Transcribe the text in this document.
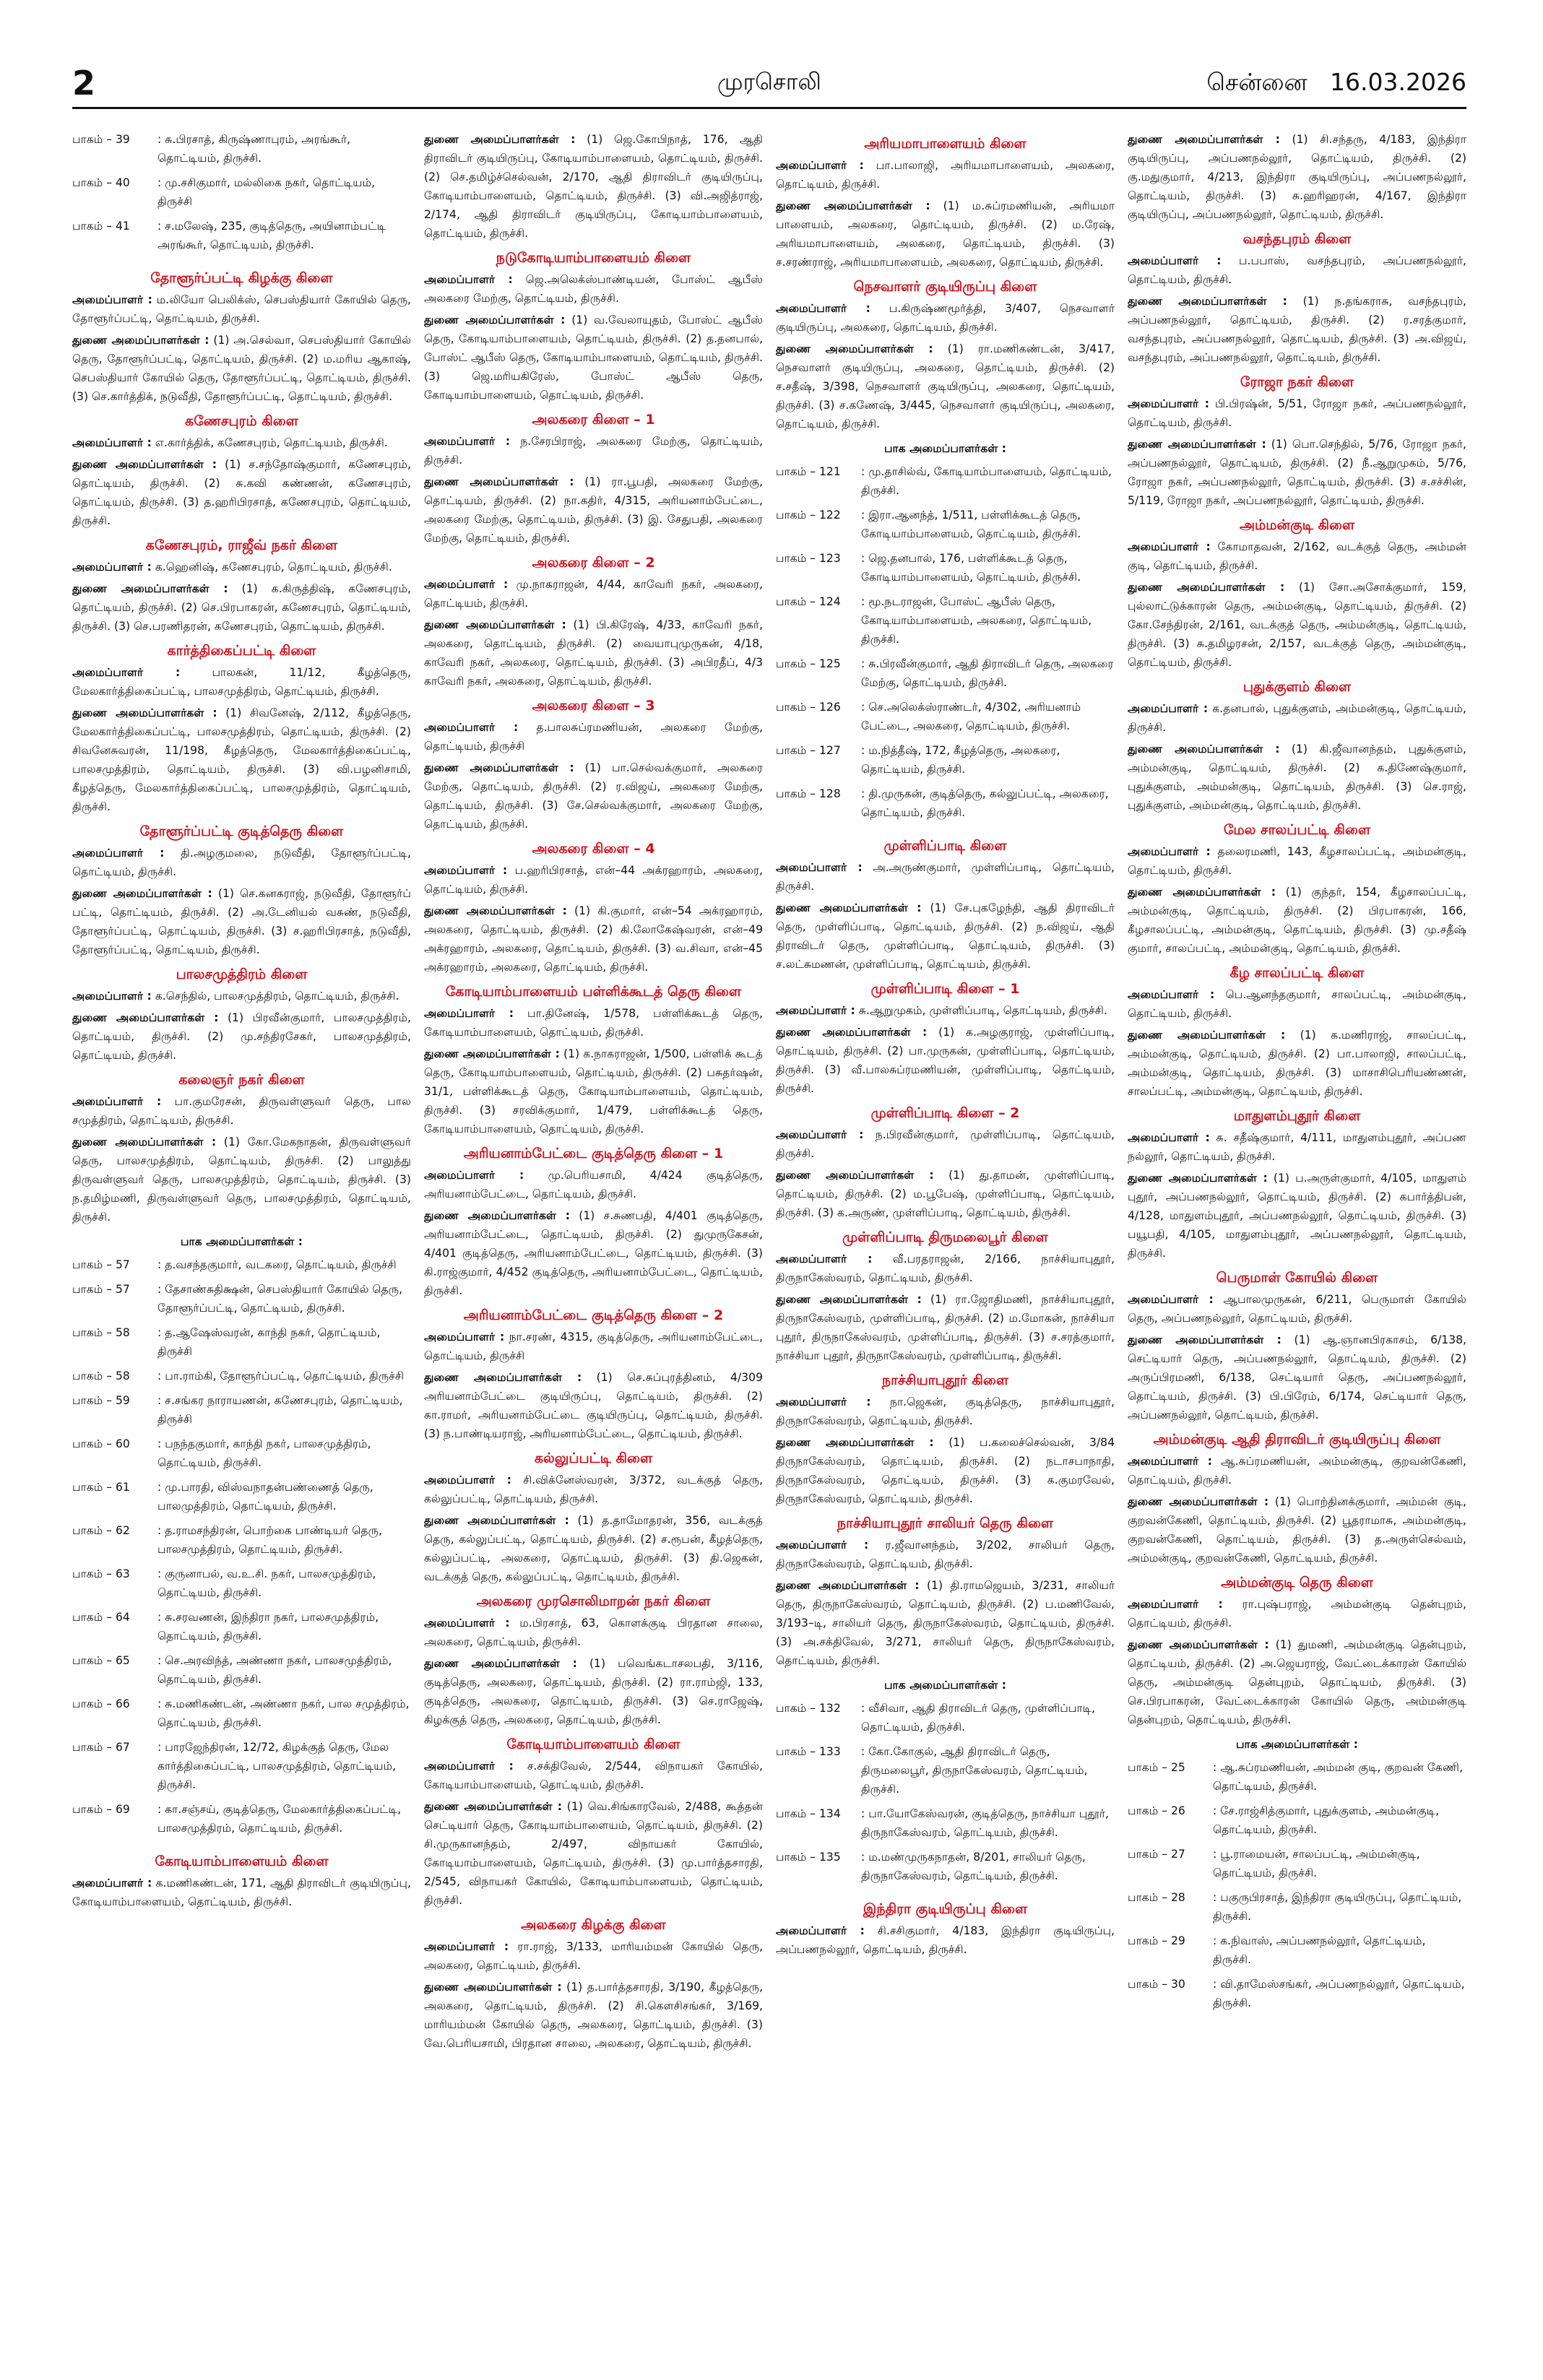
2	முரசொலி	சென்னை 16.03.2026
பாகம் – 39	: சு.பிரசாத், கிருஷ்ணாபுரம், அரங்கூர், தொட்டியம், திருச்சி.
பாகம் – 40	: மு.சசிகுமார், மல்லிகை நகர், தொட்டியம், திருச்சி
பாகம் – 41	: ச.மலேஷ், 235, குடித்தெரு, அயினாம்பட்டி அரங்கூர், தொட்டியம், திருச்சி.
தோளூர்ப்பட்டி கிழக்கு கிளை
அமைப்பாளர் : ம.லியோ பெலிக்ஸ், செபஸ்தியார் கோயில் தெரு, தோளூர்ப்பட்டி, தொட்டியம், திருச்சி.
துணை அமைப்பாளர்கள் : (1) அ.செல்வா, செபஸ்தியார் கோயில் தெரு, தோளூர்ப்பட்டி, தொட்டியம், திருச்சி. (2) ம.மரிய ஆகாஷ், செபஸ்தியார் கோயில் தெரு, தோளூர்ப்பட்டி, தொட்டியம், திருச்சி. (3) செ.கார்த்திக், நடுவீதி, தோளூர்ப்பட்டி, தொட்டியம், திருச்சி.
கணேசபுரம் கிளை
அமைப்பாளர் : எ.கார்த்திக், கணேசபுரம், தொட்டியம், திருச்சி.
துணை அமைப்பாளர்கள் : (1) ச.சந்தோஷ்குமார், கணேசபுரம், தொட்டியம், திருச்சி. (2) சு.கவி கண்ணன், கணேசபுரம், தொட்டியம், திருச்சி. (3) த.ஹரிபிரசாத், கணேசபுரம், தொட்டியம், திருச்சி.
கணேசபுரம், ராஜீவ் நகர் கிளை
அமைப்பாளர் : க.ஹெனிஷ், கணேசபுரம், தொட்டியம், திருச்சி.
துணை அமைப்பாளர்கள் : (1) க.கிருத்திஷ், கணேசபுரம், தொட்டியம், திருச்சி. (2) செ.பிரபாகரன், கணேசபுரம், தொட்டியம், திருச்சி. (3) செ.பரணிதரன், கணேசபுரம், தொட்டியம், திருச்சி.
கார்த்திகைப்பட்டி கிளை
அமைப்பாளர் : பாலகன், 11/12, கீழத்தெரு, மேலகார்த்திகைப்பட்டி, பாலசமுத்திரம், தொட்டியம், திருச்சி.
துணை அமைப்பாளர்கள் : (1) சிவனேஷ், 2/112, கீழத்தெரு, மேலகார்த்திகைப்பட்டி, பாலசமுத்திரம், தொட்டியம், திருச்சி. (2) சிவனேசுவரன், 11/198, கீழத்தெரு, மேலகார்த்திகைப்பட்டி, பாலசமுத்திரம், தொட்டியம், திருச்சி. (3) வி.பழனிசாமி, கீழத்தெரு, மேலகார்த்திகைப்பட்டி, பாலசமுத்திரம், தொட்டியம், திருச்சி.
தோளூர்ப்பட்டி குடித்தெரு கிளை
அமைப்பாளர் : தி.அழகுமலை, நடுவீதி, தோளூர்ப்பட்டி, தொட்டியம், திருச்சி.
துணை அமைப்பாளர்கள் : (1) செ.கனகராஜ், நடுவீதி, தோளூர்ப் பட்டி, தொட்டியம், திருச்சி. (2) அ.டேனியல் வசுண், நடுவீதி, தோளூர்ப்பட்டி, தொட்டியம், திருச்சி. (3) ச.ஹரிபிரசாத், நடுவீதி, தோளூர்ப்பட்டி, தொட்டியம், திருச்சி.
பாலசமுத்திரம் கிளை
அமைப்பாளர் : க.செந்தில், பாலசமுத்திரம், தொட்டியம், திருச்சி.
துணை அமைப்பாளர்கள் : (1) பிரவீன்குமார், பாலசமுத்திரம், தொட்டியம், திருச்சி. (2) மு.சந்திரசேகர், பாலசமுத்திரம், தொட்டியம், திருச்சி.
கலைஞர் நகர் கிளை
அமைப்பாளர் : பா.குமரேசன், திருவள்ளுவர் தெரு, பால சமுத்திரம், தொட்டியம், திருச்சி.
துணை அமைப்பாளர்கள் : (1) கோ.மேகநாதன், திருவள்ளுவர் தெரு, பாலசமுத்திரம், தொட்டியம், திருச்சி. (2) பாலுத்து திருவள்ளுவர் தெரு, பாலசமுத்திரம், தொட்டியம், திருச்சி. (3) ந.தமிழ்மணி, திருவள்ளுவர் தெரு, பாலசமுத்திரம், தொட்டியம், திருச்சி.
பாக அமைப்பாளர்கள் :
பாகம் – 57	: த.வசந்தகுமார், வடகரை, தொட்டியம், திருச்சி
பாகம் – 57	: தேசாண்சுதிக்ஷன், செபஸ்தியார் கோயில் தெரு, தோளூர்ப்பட்டி, தொட்டியம், திருச்சி.
பாகம் – 58	: த.ஆஷேஸ்வரன், காந்தி நகர், தொட்டியம், திருச்சி
பாகம் – 58	: பா.ராம்கி, தோளூர்ப்பட்டி, தொட்டியம், திருச்சி
பாகம் – 59	: ச.சங்கர நாராயணன், கணேசபுரம், தொட்டியம், திருச்சி
பாகம் – 60	: பநந்தகுமார், காந்தி நகர், பாலசமுத்திரம், தொட்டியம், திருச்சி.
பாகம் – 61	: மு.பாரதி, விஸ்வநாதன்பண்ணைத் தெரு, பாலமுத்திரம், தொட்டியம், திருச்சி.
பாகம் – 62	: த.ராமசந்திரன், பொற்கை பாண்டியர் தெரு, பாலசமுத்திரம், தொட்டியம், திருச்சி.
பாகம் – 63	: குருனாபல், வ.உ.சி. நகர், பாலசமுத்திரம், தொட்டியம், திருச்சி.
பாகம் – 64	: சு.சரவணன், இந்திரா நகர், பாலசமுத்திரம், தொட்டியம், திருச்சி.
பாகம் – 65	: செ.அரவிந்த், அண்ணா நகர், பாலசமுத்திரம், தொட்டியம், திருச்சி.
பாகம் – 66	: சு.மணிகண்டன், அண்ணா நகர், பால சமுத்திரம், தொட்டியம், திருச்சி.
பாகம் – 67	: பாரஜேந்திரன், 12/72, கிழக்குத் தெரு, மேல கார்த்திகைப்பட்டி, பாலசமுத்திரம், தொட்டியம், திருச்சி.
பாகம் – 69	: கா.சஞ்சய், குடித்தெரு, மேலகார்த்திகைப்பட்டி, பாலசமுத்திரம், தொட்டியம், திருச்சி.
கோடியாம்பாளையம் கிளை
அமைப்பாளர் : க.மணிகண்டன், 171, ஆதி திராவிடர் குடியிருப்பு, கோடியாம்பாளையம், தொட்டியம், திருச்சி.
துணை அமைப்பாளர்கள் : (1) ஜெ.கோபிநாத், 176, ஆதி திராவிடர் குடியிருப்பு, கோடியாம்பாளையம், தொட்டியம், திருச்சி. (2) செ.தமிழ்ச்செல்வன், 2/170, ஆதி திராவிடர் குடியிருப்பு, கோடியாம்பாளையம், தொட்டியம், திருச்சி. (3) வி.அஜித்ராஜ், 2/174, ஆதி திராவிடர் குடியிருப்பு, கோடியாம்பாளையம், தொட்டியம், திருச்சி.
நடுகோடியாம்பாளையம் கிளை
அமைப்பாளர் : ஜெ.அலெக்ஸ்பாண்டியன், போஸ்ட் ஆபீஸ் அலகரை மேற்கு, தொட்டியம், திருச்சி.
துணை அமைப்பாளர்கள் : (1) வ.வேலாயுதம், போஸ்ட் ஆபீஸ் தெரு, கோடியாம்பாளையம், தொட்டியம், திருச்சி. (2) த.தனபால், போஸ்ட் ஆபீஸ் தெரு, கோடியாம்பாளையம், தொட்டியம், திருச்சி. (3) ஜெ.மரியகிரேஸ், போஸ்ட் ஆபீஸ் தெரு, கோடியாம்பாளையம், தொட்டியம், திருச்சி.
அலகரை கிளை – 1
அமைப்பாளர் : ந.சேரபிராஜ், அலகரை மேற்கு, தொட்டியம், திருச்சி.
துணை அமைப்பாளர்கள் : (1) ரா.பூபதி, அலகரை மேற்கு, தொட்டியம், திருச்சி. (2) நா.கதிர், 4/315, அரியனாம்பேட்டை, அலகரை மேற்கு, தொட்டியம், திருச்சி. (3) இ. சேதுபதி, அலகரை மேற்கு, தொட்டியம், திருச்சி.
அலகரை கிளை – 2
அமைப்பாளர் : மு.நாகராஜன், 4/44, காவேரி நகர், அலகரை, தொட்டியம், திருச்சி.
துணை அமைப்பாளர்கள் : (1) பி.கிரேஷ், 4/33, காவேரி நகர், அலகரை, தொட்டியம், திருச்சி. (2) வையாபுமுருகன், 4/18, காவேரி நகர், அலகரை, தொட்டியம், திருச்சி. (3) அபிரதீப், 4/3 காவேரி நகர், அலகரை, தொட்டியம், திருச்சி.
அலகரை கிளை – 3
அமைப்பாளர் : த.பாலசுப்ரமணியன், அலகரை மேற்கு, தொட்டியம், திருச்சி
துணை அமைப்பாளர்கள் : (1) பா.செல்வக்குமார், அலகரை மேற்கு, தொட்டியம், திருச்சி. (2) ர.விஜய், அலகரை மேற்கு, தொட்டியம், திருச்சி. (3) சே.செல்வக்குமார், அலகரை மேற்கு, தொட்டியம், திருச்சி.
அலகரை கிளை – 4
அமைப்பாளர் : ப.ஹரிபிரசாத், என்–44 அக்ரஹாரம், அலகரை, தொட்டியம், திருச்சி.
துணை அமைப்பாளர்கள் : (1) கி.குமார், என்–54 அக்ரஹாரம், அலகரை, தொட்டியம், திருச்சி. (2) கி.லோகேஷ்வரன், என்–49 அக்ரஹாரம், அலகரை, தொட்டியம், திருச்சி. (3) வ.சிவா, என்–45 அக்ரஹாரம், அலகரை, தொட்டியம், திருச்சி.
கோடியாம்பாளையம் பள்ளிக்கூடத் தெரு கிளை
அமைப்பாளர் : பா.தினேஷ், 1/578, பள்ளிக்கூடத் தெரு, கோடியாம்பாளையம், தொட்டியம், திருச்சி.
துணை அமைப்பாளர்கள் : (1) க.நாகராஜன், 1/500, பள்ளிக் கூடத் தெரு, கோடியாம்பாளையம், தொட்டியம், திருச்சி. (2) பசுதர்ஷன், 31/1, பள்ளிக்கூடத் தெரு, கோடியாம்பாளையம், தொட்டியம், திருச்சி. (3) சரவிக்குமார், 1/479, பள்ளிக்கூடத் தெரு, கோடியாம்பாளையம், தொட்டியம், திருச்சி.
அரியனாம்பேட்டை குடித்தெரு கிளை – 1
அமைப்பாளர் : மு.பெரியசாமி, 4/424 குடித்தெரு, அரியனாம்பேட்டை, தொட்டியம், திருச்சி.
துணை அமைப்பாளர்கள் : (1) ச.சுணபதி, 4/401 குடித்தெரு, அரியனாம்பேட்டை, தொட்டியம், திருச்சி. (2) துமுருகேசன், 4/401 குடித்தெரு, அரியனாம்பேட்டை, தொட்டியம், திருச்சி. (3) கி.ராஜ்குமார், 4/452 குடித்தெரு, அரியனாம்பேட்டை, தொட்டியம், திருச்சி.
அரியனாம்பேட்டை குடித்தெரு கிளை – 2
அமைப்பாளர் : நா.சரண், 4315, குடித்தெரு, அரியனாம்பேட்டை, தொட்டியம், திருச்சி
துணை அமைப்பாளர்கள் : (1) செ.சுப்புரத்தினம், 4/309 அரியனாம்பேட்டை குடியிருப்பு, தொட்டியம், திருச்சி. (2) கா.ராமர், அரியனாம்பேட்டை குடியிருப்பு, தொட்டியம், திருச்சி. (3) ந.பாண்டியராஜ், அரியனாம்பேட்டை, தொட்டியம், திருச்சி.
கல்லுப்பட்டி கிளை
அமைப்பாளர் : சி.விக்னேஸ்வரன், 3/372, வடக்குத் தெரு, கல்லுப்பட்டி, தொட்டியம், திருச்சி.
துணை அமைப்பாளர்கள் : (1) த.தாமோதரன், 356, வடக்குத் தெரு, கல்லுப்பட்டி, தொட்டியம், திருச்சி. (2) ச.ரூபன், கீழத்தெரு, கல்லுப்பட்டி, அலகரை, தொட்டியம், திருச்சி. (3) தி.ஜெகன், வடக்குத் தெரு, கல்லுப்பட்டி, தொட்டியம், திருச்சி.
அலகரை முரசொலிமாறன் நகர் கிளை
அமைப்பாளர் : ம.பிரசாத், 63, கொளக்குடி பிரதான சாலை, அலகரை, தொட்டியம், திருச்சி.
துணை அமைப்பாளர்கள் : (1) பவெங்கடாசலபதி, 3/116, குடித்தெரு, அலகரை, தொட்டியம், திருச்சி. (2) ரா.ராம்ஜி, 133, குடித்தெரு, அலகரை, தொட்டியம், திருச்சி. (3) செ.ராஜேஷ், கிழக்குத் தெரு, அலகரை, தொட்டியம், திருச்சி.
கோடியாம்பாளையம் கிளை
அமைப்பாளர் : ச.சக்திவேல், 2/544, விநாயகர் கோயில், கோடியாம்பாளையம், தொட்டியம், திருச்சி.
துணை அமைப்பாளர்கள் : (1) வெ.சிங்காரவேல், 2/488, கூத்தன் செட்டியார் தெரு, கோடியாம்பாளையம், தொட்டியம், திருச்சி. (2) சி.முருகானந்தம், 2/497, விநாயகர் கோயில், கோடியாம்பாளையம், தொட்டியம், திருச்சி. (3) மு.பார்த்தசாரதி, 2/545, விநாயகர் கோயில், கோடியாம்பாளையம், தொட்டியம், திருச்சி.
அலகரை கிழக்கு கிளை
அமைப்பாளர் : ரா.ராஜ், 3/133, மாரியம்மன் கோயில் தெரு, அலகரை, தொட்டியம், திருச்சி.
துணை அமைப்பாளர்கள் : (1) த.பார்த்தசாரதி, 3/190, கீழத்தெரு, அலகரை, தொட்டியம், திருச்சி. (2) சி.கௌசிசங்கர், 3/169, மாரியம்மன் கோயில் தெரு, அலகரை, தொட்டியம், திருச்சி. (3) வே.பெரியசாமி, பிரதான சாலை, அலகரை, தொட்டியம், திருச்சி.
அரியமாபாளையம் கிளை
அமைப்பாளர் : பா.பாலாஜி, அரியமாபாளையம், அலகரை, தொட்டியம், திருச்சி.
துணை அமைப்பாளர்கள் : (1) ம.சுப்ரமணியன், அரியமா பாளையம், அலகரை, தொட்டியம், திருச்சி. (2) ம.ரேஷ், அரியமாபாளையம், அலகரை, தொட்டியம், திருச்சி. (3) ச.சரண்ராஜ், அரியமாபாளையம், அலகரை, தொட்டியம், திருச்சி.
நெசவாளர் குடியிருப்பு கிளை
அமைப்பாளர் : ப.கிருஷ்ணமூர்த்தி, 3/407, நெசவாளர் குடியிருப்பு, அலகரை, தொட்டியம், திருச்சி.
துணை அமைப்பாளர்கள் : (1) ரா.மணிகண்டன், 3/417, நெசவாளர் குடியிருப்பு, அலகரை, தொட்டியம், திருச்சி. (2) ச.சதீஷ், 3/398, நெசவாளர் குடியிருப்பு, அலகரை, தொட்டியம், திருச்சி. (3) ச.கணேஷ், 3/445, நெசவாளர் குடியிருப்பு, அலகரை, தொட்டியம், திருச்சி.
பாக அமைப்பாளர்கள் :
பாகம் – 121	: மு.தாசில்வ், கோடியாம்பாளையம், தொட்டியம், திருச்சி.
பாகம் – 122	: இரா.ஆனந்த், 1/511, பள்ளிக்கூடத் தெரு, கோடியாம்பாளையம், தொட்டியம், திருச்சி.
பாகம் – 123	: ஜெ.தனபால், 176, பள்ளிக்கூடத் தெரு, கோடியாம்பாளையம், தொட்டியம், திருச்சி.
பாகம் – 124	: மூ.நடராஜன், போஸ்ட் ஆபீஸ் தெரு, கோடியாம்பாளையம், அலகரை, தொட்டியம், திருச்சி.
பாகம் – 125	: சு.பிரவீன்குமார், ஆதி திராவிடர் தெரு, அலகரை மேற்கு, தொட்டியம், திருச்சி.
பாகம் – 126	: செ.அலெக்ஸ்ராண்டர், 4/302, அரியனாம் பேட்டை, அலகரை, தொட்டியம், திருச்சி.
பாகம் – 127	: ம.நித்தீஷ், 172, கீழத்தெரு, அலகரை, தொட்டியம், திருச்சி.
பாகம் – 128	: தி.முருகன், குடித்தெரு, கல்லுப்பட்டி, அலகரை, தொட்டியம், திருச்சி.
முள்ளிப்பாடி கிளை
அமைப்பாளர் : அ.அருண்குமார், முள்ளிப்பாடி, தொட்டியம், திருச்சி.
துணை அமைப்பாளர்கள் : (1) சே.புகழேந்தி, ஆதி திராவிடர் தெரு, முள்ளிப்பாடி, தொட்டியம், திருச்சி. (2) ந.விஜய், ஆதி திராவிடர் தெரு, முள்ளிப்பாடி, தொட்டியம், திருச்சி. (3) ச.லட்சுமணன், முள்ளிப்பாடி, தொட்டியம், திருச்சி.
முள்ளிப்பாடி கிளை – 1
அமைப்பாளர் : சு.ஆறுமுகம், முள்ளிப்பாடி, தொட்டியம், திருச்சி.
துணை அமைப்பாளர்கள் : (1) க.அழகுராஜ், முள்ளிப்பாடி, தொட்டியம், திருச்சி. (2) பா.முருகன், முள்ளிப்பாடி, தொட்டியம், திருச்சி. (3) வீ.பாலசுப்ரமணியன், முள்ளிப்பாடி, தொட்டியம், திருச்சி.
முள்ளிப்பாடி கிளை – 2
அமைப்பாளர் : ந.பிரவீன்குமார், முள்ளிப்பாடி, தொட்டியம், திருச்சி.
துணை அமைப்பாளர்கள் : (1) து.தாமன், முள்ளிப்பாடி, தொட்டியம், திருச்சி. (2) ம.பூபேஷ், முள்ளிப்பாடி, தொட்டியம், திருச்சி. (3) க.அருண், முள்ளிப்பாடி, தொட்டியம், திருச்சி.
முள்ளிப்பாடி திருமலைபூர் கிளை
அமைப்பாளர் : வீ.பரதராஜன், 2/166, நாச்சியாபுதூர், திருநாகேஸ்வரம், தொட்டியம், திருச்சி.
துணை அமைப்பாளர்கள் : (1) ரா.ஜோதிமணி, நாச்சியாபுதூர், திருநாகேஸ்வரம், முள்ளிப்பாடி, திருச்சி. (2) ம.மோகன், நாச்சியா புதூர், திருநாகேஸ்வரம், முள்ளிப்பாடி, திருச்சி. (3) ச.சரத்குமார், நாச்சியா புதூர், திருநாகேஸ்வரம், முள்ளிப்பாடி, திருச்சி.
நாச்சியாபுதூர் கிளை
அமைப்பாளர் : நா.ஜெகன், குடித்தெரு, நாச்சியாபுதூர், திருநாகேஸ்வரம், தொட்டியம், திருச்சி.
துணை அமைப்பாளர்கள் : (1) ப.கலைச்செல்வன், 3/84 திருநாகேஸ்வரம், தொட்டியம், திருச்சி. (2) நடாசபாநாதி, திருநாகேஸ்வரம், தொட்டியம், திருச்சி. (3) க.குமரவேல், திருநாகேஸ்வரம், தொட்டியம், திருச்சி.
நாச்சியாபுதூர் சாலியர் தெரு கிளை
அமைப்பாளர் : ர.ஜீவானந்தம், 3/202, சாலியர் தெரு, திருநாகேஸ்வரம், தொட்டியம், திருச்சி.
துணை அமைப்பாளர்கள் : (1) தி.ராமஜெயம், 3/231, சாலியர் தெரு, திருநாகேஸ்வரம், தொட்டியம், திருச்சி. (2) ப.மணிவேல், 3/193–டி, சாலியர் தெரு, திருநாகேஸ்வரம், தொட்டியம், திருச்சி. (3) அ.சக்திவேல், 3/271, சாலியர் தெரு, திருநாகேஸ்வரம், தொட்டியம், திருச்சி.
பாக அமைப்பாளர்கள் :
பாகம் – 132	: வீசிவா, ஆதி திராவிடர் தெரு, முள்ளிப்பாடி, தொட்டியம், திருச்சி.
பாகம் – 133	: கோ.கோகுல், ஆதி திராவிடர் தெரு, திருமலைபூர், திருநாகேஸ்வரம், தொட்டியம், திருச்சி.
பாகம் – 134	: பா.யோகேஸ்வரன், குடித்தெரு, நாச்சியா புதூர், திருநாகேஸ்வரம், தொட்டியம், திருச்சி.
பாகம் – 135	: ம.மண்முருகநாதன், 8/201, சாலியர் தெரு, திருநாகேஸ்வரம், தொட்டியம், திருச்சி.
இந்திரா குடியிருப்பு கிளை
அமைப்பாளர் : சி.சசிகுமார், 4/183, இந்திரா குடியிருப்பு, அப்பணநல்லூர், தொட்டியம், திருச்சி.
துணை அமைப்பாளர்கள் : (1) சி.சந்தரு, 4/183, இந்திரா குடியிருப்பு, அப்பணநல்லூர், தொட்டியம், திருச்சி. (2) கு.மதுகுமார், 4/213, இந்திரா குடியிருப்பு, அப்பணநல்லூர், தொட்டியம், திருச்சி. (3) சு.ஹரிஹரன், 4/167, இந்திரா குடியிருப்பு, அப்பணநல்லூர், தொட்டியம், திருச்சி.
வசந்தபுரம் கிளை
அமைப்பாளர் : ப.பபாஸ், வசந்தபுரம், அப்பணநல்லூர், தொட்டியம், திருச்சி.
துணை அமைப்பாளர்கள் : (1) ந.தங்கராசு, வசந்தபுரம், அப்பணநல்லூர், தொட்டியம், திருச்சி. (2) ர.சரத்குமார், வசந்தபுரம், அப்பணநல்லூர், தொட்டியம், திருச்சி. (3) அ.விஜய், வசந்தபுரம், அப்பணநல்லூர், தொட்டியம், திருச்சி.
ரோஜா நகர் கிளை
அமைப்பாளர் : பி.பிரஷ்ன், 5/51, ரோஜா நகர், அப்பணநல்லூர், தொட்டியம், திருச்சி.
துணை அமைப்பாளர்கள் : (1) பொ.செந்தில், 5/76, ரோஜா நகர், அப்பணநல்லூர், தொட்டியம், திருச்சி. (2) நீ.ஆறுமுகம், 5/76, ரோஜா நகர், அப்பணநல்லூர், தொட்டியம், திருச்சி. (3) ச.சச்சின், 5/119, ரோஜா நகர், அப்பணநல்லூர், தொட்டியம், திருச்சி.
அம்மன்குடி கிளை
அமைப்பாளர் : கோமாதவன், 2/162, வடக்குத் தெரு, அம்மன் குடி, தொட்டியம், திருச்சி.
துணை அமைப்பாளர்கள் : (1) சோ.அசோக்குமார், 159, புல்லாட்டுக்காரன் தெரு, அம்மன்குடி, தொட்டியம், திருச்சி. (2) கோ.சேந்திரன், 2/161, வடக்குத் தெரு, அம்மன்குடி, தொட்டியம், திருச்சி. (3) சு.தமிழரசன், 2/157, வடக்குத் தெரு, அம்மன்குடி, தொட்டியம், திருச்சி.
புதுக்குளம் கிளை
அமைப்பாளர் : க.தனபால், புதுக்குளம், அம்மன்குடி, தொட்டியம், திருச்சி.
துணை அமைப்பாளர்கள் : (1) கி.ஜீவானந்தம், புதுக்குளம், அம்மன்குடி, தொட்டியம், திருச்சி. (2) க.திணேஷ்குமார், புதுக்குளம், அம்மன்குடி, தொட்டியம், திருச்சி. (3) செ.ராஜ், புதுக்குளம், அம்மன்குடி, தொட்டியம், திருச்சி.
மேல சாலப்பட்டி கிளை
அமைப்பாளர் : தலைரமணி, 143, கீழசாலப்பட்டி, அம்மன்குடி, தொட்டியம், திருச்சி.
துணை அமைப்பாளர்கள் : (1) குந்தர், 154, கீழசாலப்பட்டி, அம்மன்குடி, தொட்டியம், திருச்சி. (2) பிரபாகரன், 166, கீழசாலப்பட்டி, அம்மன்குடி, தொட்டியம், திருச்சி. (3) மு.சதீஷ் குமார், சாலப்பட்டி, அம்மன்குடி, தொட்டியம், திருச்சி.
கீழ சாலப்பட்டி கிளை
அமைப்பாளர் : பெ.ஆனந்தகுமார், சாலப்பட்டி, அம்மன்குடி, தொட்டியம், திருச்சி.
துணை அமைப்பாளர்கள் : (1) க.மணிராஜ், சாலப்பட்டி, அம்மன்குடி, தொட்டியம், திருச்சி. (2) பா.பாலாஜி, சாலப்பட்டி, அம்மன்குடி, தொட்டியம், திருச்சி. (3) மாசாசிபெரியண்ணன், சாலப்பட்டி, அம்மன்குடி, தொட்டியம், திருச்சி.
மாதுளம்புதூர் கிளை
அமைப்பாளர் : சு. சதீஷ்குமார், 4/111, மாதுளம்புதூர், அப்பண நல்லூர், தொட்டியம், திருச்சி.
துணை அமைப்பாளர்கள் : (1) ப.அருள்குமார், 4/105, மாதுளம் புதூர், அப்பணநல்லூர், தொட்டியம், திருச்சி. (2) கபார்த்திபன், 4/128, மாதுளம்புதூர், அப்பணநல்லூர், தொட்டியம், திருச்சி. (3) பயூபதி, 4/105, மாதுளம்புதூர், அப்பணநல்லூர், தொட்டியம், திருச்சி.
பெருமாள் கோயில் கிளை
அமைப்பாளர் : ஆபாலமுருகன், 6/211, பெருமாள் கோயில் தெரு, அப்பணநல்லூர், தொட்டியம், திருச்சி.
துணை அமைப்பாளர்கள் : (1) ஆ.ஞானபிரகாசம், 6/138, செட்டியார் தெரு, அப்பணநல்லூர், தொட்டியம், திருச்சி. (2) அருப்பிரமணி, 6/138, செட்டியார் தெரு, அப்பணநல்லூர், தொட்டியம், திருச்சி. (3) பி.பிரேம், 6/174, செட்டியார் தெரு, அப்பணநல்லூர், தொட்டியம், திருச்சி.
அம்மன்குடி ஆதி திராவிடர் குடியிருப்பு கிளை
அமைப்பாளர் : ஆ.சுப்ரமணியன், அம்மன்குடி, குறவன்கேணி, தொட்டியம், திருச்சி.
துணை அமைப்பாளர்கள் : (1) பொற்தினக்குமார், அம்மன் குடி, குறவன்கேணி, தொட்டியம், திருச்சி. (2) பூதராமாசு, அம்மன்குடி, குறவன்கேணி, தொட்டியம், திருச்சி. (3) த.அருள்செல்வம், அம்மன்குடி, குறவன்கேணி, தொட்டியம், திருச்சி.
அம்மன்குடி தெரு கிளை
அமைப்பாளர் : ரா.புஷ்பராஜ், அம்மன்குடி தென்புறம், தொட்டியம், திருச்சி.
துணை அமைப்பாளர்கள் : (1) துமணி, அம்மன்குடி தென்புறம், தொட்டியம், திருச்சி. (2) அ.ஜெயராஜ், வேட்டைக்காரன் கோயில் தெரு, அம்மன்குடி தென்புறம், தொட்டியம், திருச்சி. (3) செ.பிரபாகரன், வேட்டைக்காரன் கோயில் தெரு, அம்மன்குடி தென்புறம், தொட்டியம், திருச்சி.
பாக அமைப்பாளர்கள் :
பாகம் – 25	: ஆ.சுப்ரமணியன், அம்மன் குடி, குறவன் கேணி, தொட்டியம், திருச்சி.
பாகம் – 26	: சே.ராஜ்சித்குமார், புதுக்குளம், அம்மன்குடி, தொட்டியம், திருச்சி.
பாகம் – 27	: பூ.ராமையன், சாலப்பட்டி, அம்மன்குடி, தொட்டியம், திருச்சி.
பாகம் – 28	: பகுருபிரசாத், இந்திரா குடியிருப்பு, தொட்டியம், திருச்சி.
பாகம் – 29	: க.நிவாஸ், அப்பணநல்லூர், தொட்டியம், திருச்சி.
பாகம் – 30	: வி.தாமேஸ்சங்கர், அப்பணநல்லூர், தொட்டியம், திருச்சி.
